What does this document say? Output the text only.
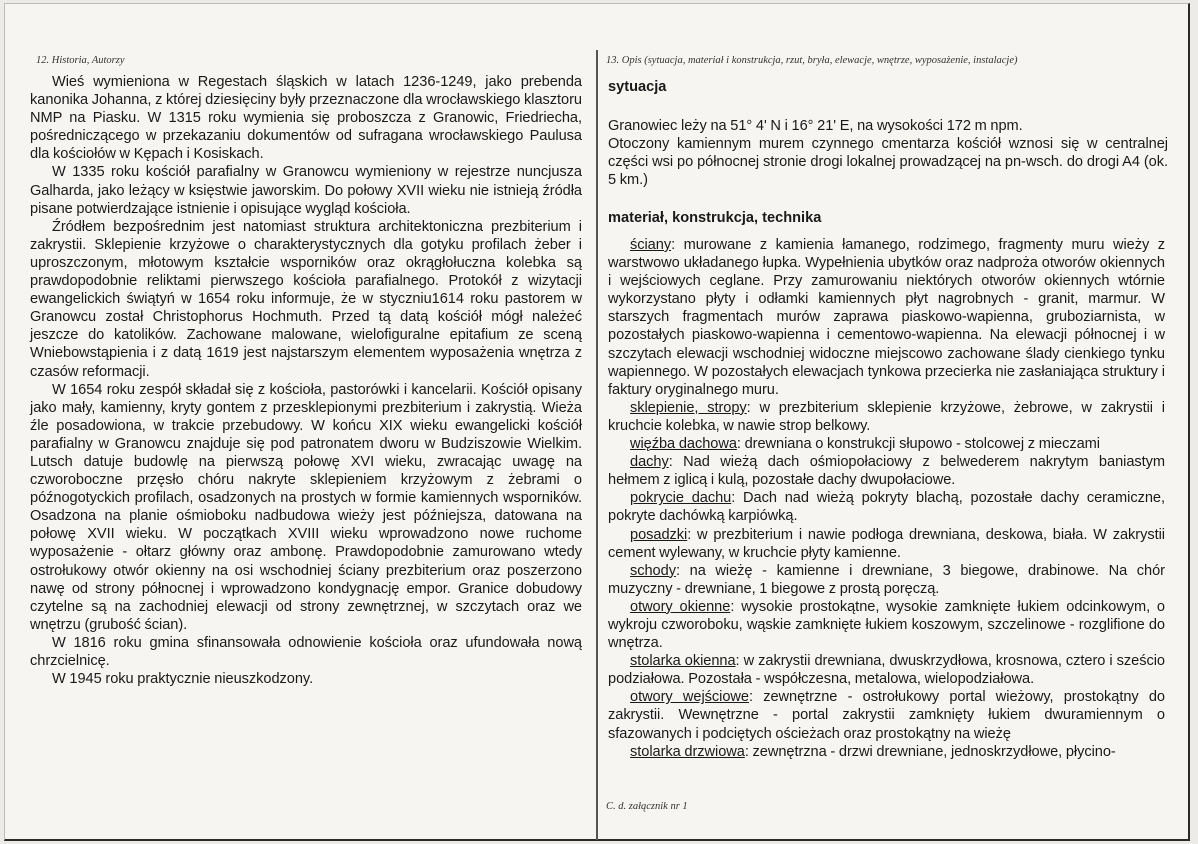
12. Historia, Autorzy

Wieś wymieniona w Regestach śląskich w latach 1236-1249, jako prebenda kanonika Johanna, z której dziesięciny były przeznaczone dla wrocławskiego klasztoru NMP na Piasku. W 1315 roku wymienia się proboszcza z Granowic, Friedriecha, pośredniczącego w przekazaniu dokumentów od sufragana wrocławskiego Paulusa dla kościołów w Kępach i Kosiskach.

W 1335 roku kościół parafialny w Granowcu wymieniony w rejestrze nuncjusza Galharda, jako leżący w księstwie jaworskim. Do połowy XVII wieku nie istnieją źródła pisane potwierdzające istnienie i opisujące wygląd kościoła.

Źródłem bezpośrednim jest natomiast struktura architektoniczna prezbiterium i zakrystii. Sklepienie krzyżowe o charakterystycznych dla gotyku profilach żeber i uproszczonym, młotowym kształcie wsporników oraz okrągłołuczna kolebka są prawdopodobnie reliktami pierwszego kościoła parafialnego. Protokół z wizytacji ewangelickich świątyń w 1654 roku informuje, że w styczniu1614 roku pastorem w Granowcu został Christophorus Hochmuth. Przed tą datą kościół mógł należeć jeszcze do katolików. Zachowane malowane, wielofiguralne epitafium ze sceną Wniebowstąpienia i z datą 1619 jest najstarszym elementem wyposażenia wnętrza z czasów reformacji.

W 1654 roku zespół składał się z kościoła, pastorówki i kancelarii. Kościół opisany jako mały, kamienny, kryty gontem z przesklepionymi prezbiterium i zakrystią. Wieża źle posadowiona, w trakcie przebudowy. W końcu XIX wieku ewangelicki kościół parafialny w Granowcu znajduje się pod patronatem dworu w Budziszowie Wielkim. Lutsch datuje budowlę na pierwszą połowę XVI wieku, zwracając uwagę na czworoboczne przęsło chóru nakryte sklepieniem krzyżowym z żebrami o późnogotyckich profilach, osadzonych na prostych w formie kamiennych wsporników. Osadzona na planie ośmioboku nadbudowa wieży jest późniejsza, datowana na połowę XVII wieku. W początkach XVIII wieku wprowadzono nowe ruchome wyposażenie - ołtarz główny oraz ambonę. Prawdopodobnie zamurowano wtedy ostrołukowy otwór okienny na osi wschodniej ściany prezbiterium oraz poszerzono nawę od strony północnej i wprowadzono kondygnację empor. Granice dobudowy czytelne są na zachodniej elewacji od strony zewnętrznej, w szczytach oraz we wnętrzu (grubość ścian).

W 1816 roku gmina sfinansowała odnowienie kościoła oraz ufundowała nową chrzcielnicę.

W 1945 roku praktycznie nieuszkodzony.

13. Opis (sytuacja, materiał i konstrukcja, rzut, bryła, elewacje, wnętrze, wyposażenie, instalacje)
sytuacja

Granowiec leży na 51° 4' N i 16° 21' E, na wysokości 172 m npm.

Otoczony kamiennym murem czynnego cmentarza kościół wznosi się w centralnej części wsi po północnej stronie drogi lokalnej prowadzącej na pn-wsch. do drogi A4 (ok. 5 km.)

materiał, konstrukcja, technika

ściany: murowane z kamienia łamanego, rodzimego, fragmenty muru wieży z warstwowo układanego łupka. Wypełnienia ubytków oraz nadproża otworów okiennych i wejściowych ceglane. Przy zamurowaniu niektórych otworów okiennych wtórnie wykorzystano płyty i odłamki kamiennych płyt nagrobnych - granit, marmur. W starszych fragmentach murów zaprawa piaskowo-wapienna, gruboziarnista, w pozostałych piaskowo-wapienna i cementowo-wapienna. Na elewacji północnej i w szczytach elewacji wschodniej widoczne miejscowo zachowane ślady cienkiego tynku wapiennego. W pozostałych elewacjach tynkowa przecierka nie zasłaniająca struktury i faktury oryginalnego muru.

sklepienie, stropy: w prezbiterium sklepienie krzyżowe, żebrowe, w zakrystii i kruchcie kolebka, w nawie strop belkowy.

więźba dachowa: drewniana o konstrukcji słupowo - stolcowej z mieczami

dachy: Nad wieżą dach ośmiopołaciowy z belwederem nakrytym baniastym hełmem z iglicą i kulą, pozostałe dachy dwupołaciowe.

pokrycie dachu: Dach nad wieżą pokryty blachą, pozostałe dachy ceramiczne, pokryte dachówką karpiówką.

posadzki: w prezbiterium i nawie podłoga drewniana, deskowa, biała. W zakrystii cement wylewany, w kruchcie płyty kamienne.

schody: na wieżę - kamienne i drewniane, 3 biegowe, drabinowe. Na chór muzyczny - drewniane, 1 biegowe z prostą poręczą.

otwory okienne: wysokie prostokątne, wysokie zamknięte łukiem odcinkowym, o wykroju czworoboku, wąskie zamknięte łukiem koszowym, szczelinowe - rozglifione do wnętrza.

stolarka okienna: w zakrystii drewniana, dwuskrzydłowa, krosnowa, cztero i sześcio podziałowa. Pozostała - współczesna, metalowa, wielopodziałowa.

otwory wejściowe: zewnętrzne - ostrołukowy portal wieżowy, prostokątny do zakrystii. Wewnętrzne - portal zakrystii zamknięty łukiem dwuramiennym o sfazowanych i podciętych ościeżach oraz prostokątny na wieżę

stolarka drzwiowa: zewnętrzna - drzwi drewniane, jednoskrzydłowe, płycino-

C. d. załącznik nr 1
